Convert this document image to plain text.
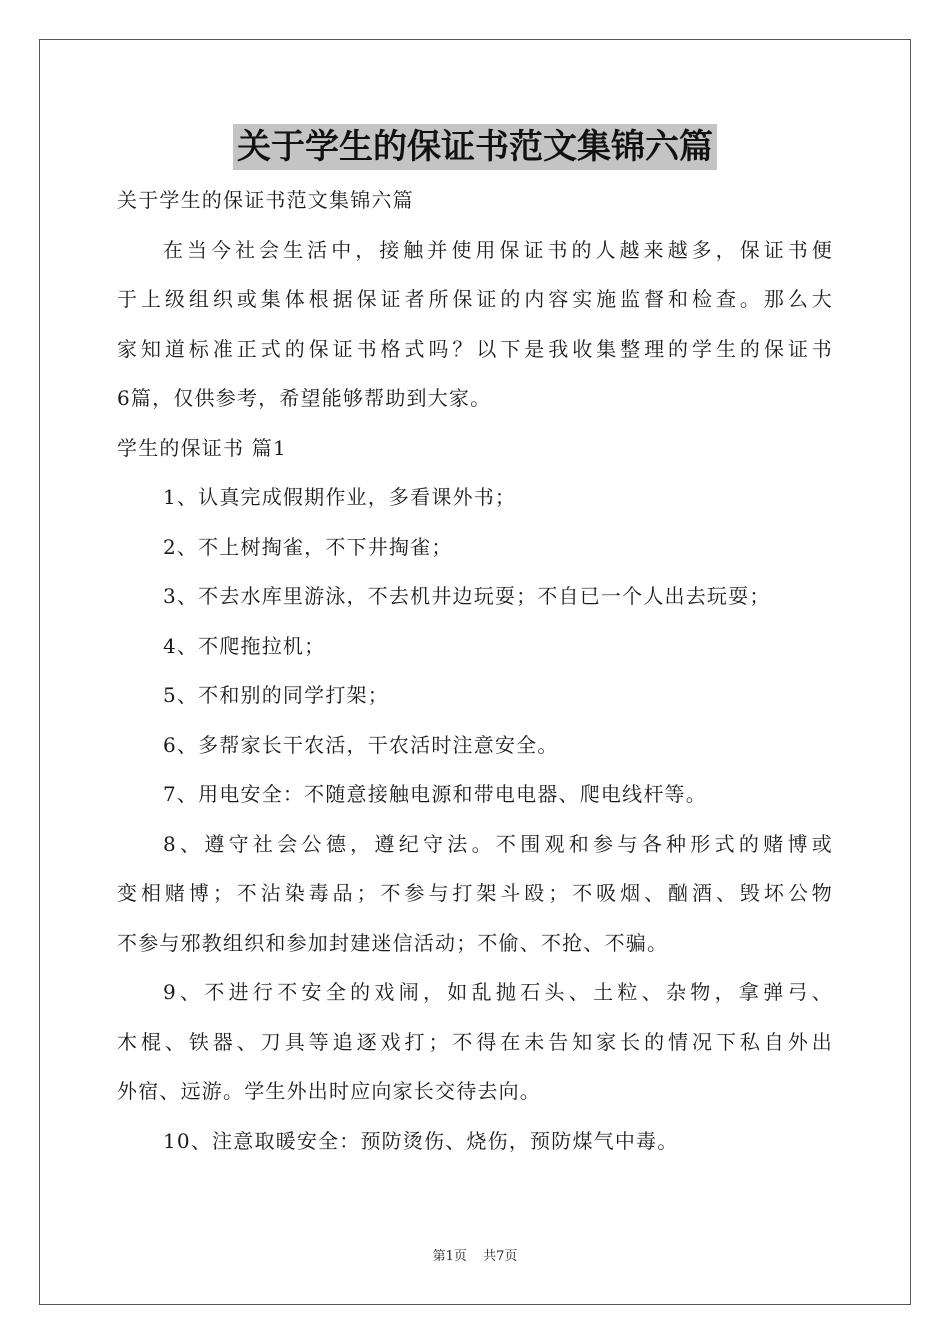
关于学生的保证书范文集锦六篇
关于学生的保证书范文集锦六篇
在当今社会生活中，接触并使用保证书的人越来越多，保证书便
于上级组织或集体根据保证者所保证的内容实施监督和检查。那么大
家知道标准正式的保证书格式吗？以下是我收集整理的学生的保证书
6篇，仅供参考，希望能够帮助到大家。
学生的保证书 篇1
1、认真完成假期作业，多看课外书；
2、不上树掏雀，不下井掏雀；
3、不去水库里游泳，不去机井边玩耍；不自已一个人出去玩耍；
4、不爬拖拉机；
5、不和别的同学打架；
6、多帮家长干农活，干农活时注意安全。
7、用电安全：不随意接触电源和带电电器、爬电线杆等。
8、遵守社会公德，遵纪守法。不围观和参与各种形式的赌博或
变相赌博；不沾染毒品；不参与打架斗殴；不吸烟、酗酒、毁坏公物
不参与邪教组织和参加封建迷信活动；不偷、不抢、不骗。
9、不进行不安全的戏闹，如乱抛石头、土粒、杂物，拿弹弓、
木棍、铁器、刀具等追逐戏打；不得在未告知家长的情况下私自外出
外宿、远游。学生外出时应向家长交待去向。
10、注意取暖安全：预防烫伤、烧伤，预防煤气中毒。
第1页 共7页
